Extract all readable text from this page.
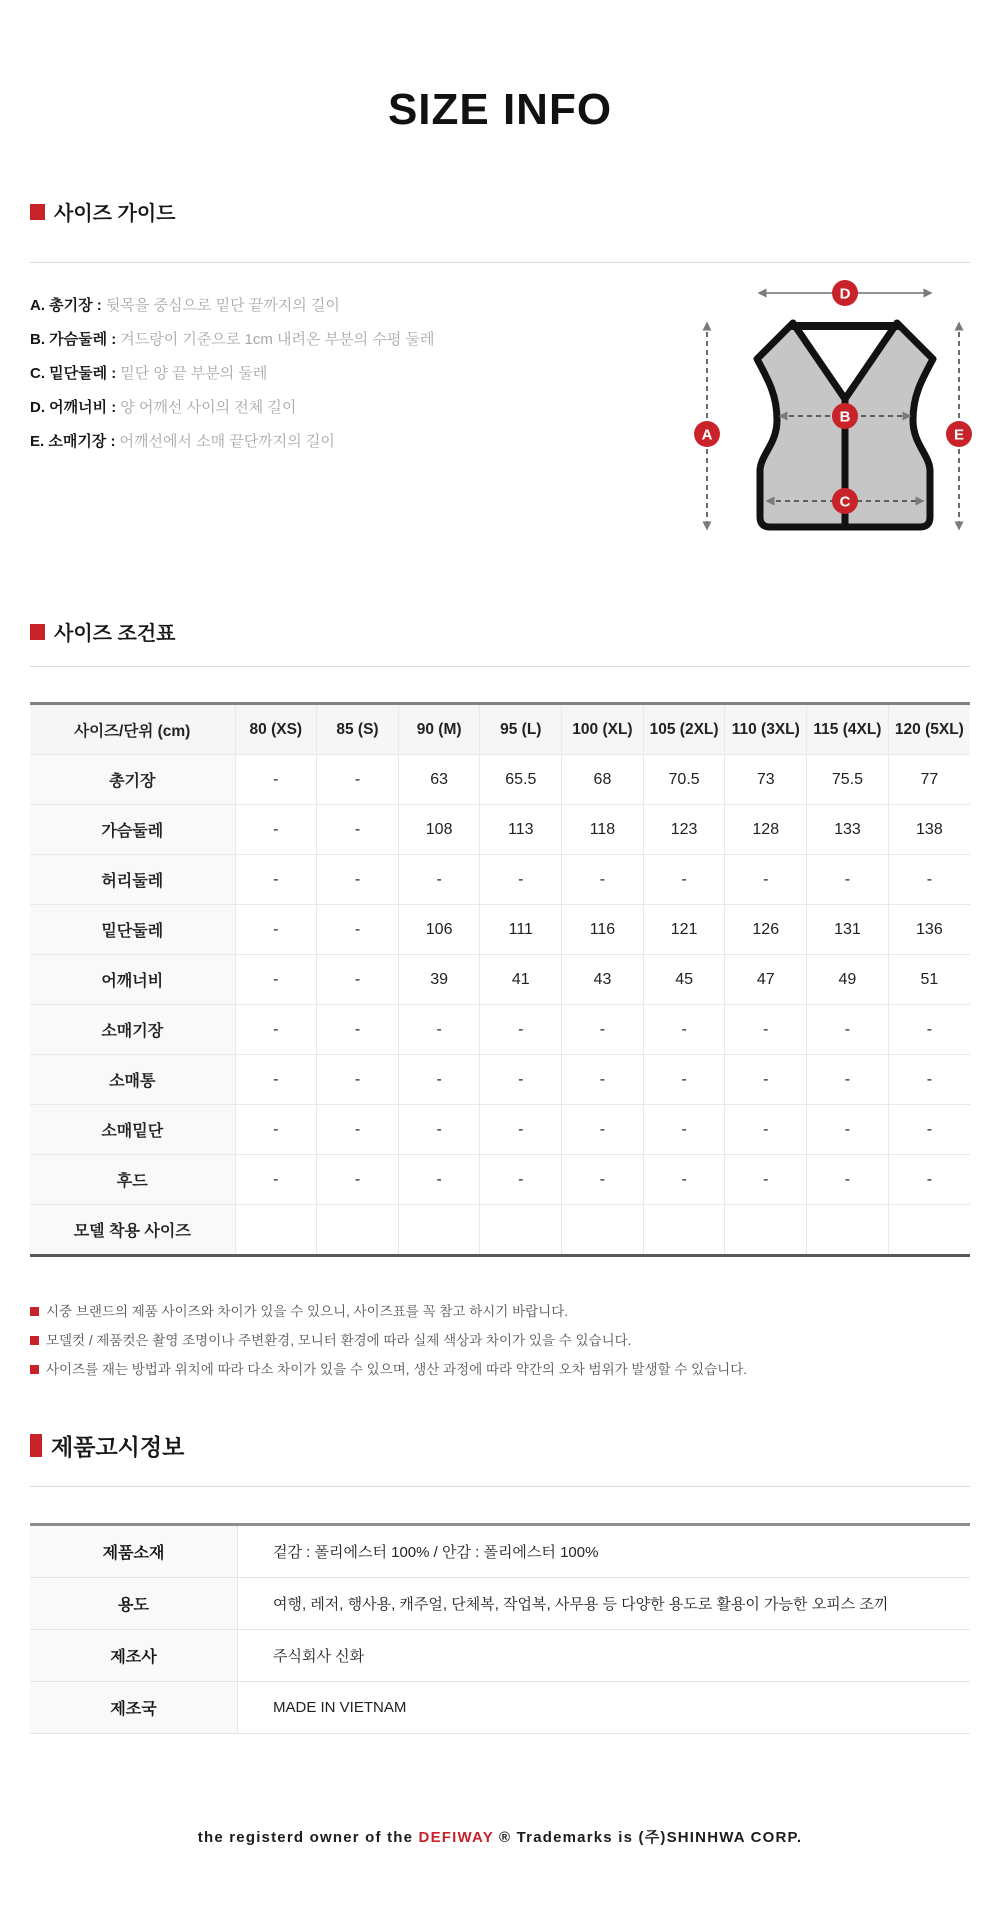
SIZE INFO
사이즈 가이드
A. 총기장 : 뒷목을 중심으로 밑단 끝까지의 길이
B. 가슴둘레 : 겨드랑이 기준으로 1cm 내려온 부분의 수평 둘레
C. 밑단둘레 : 밑단 양 끝 부분의 둘레
D. 어깨너비 : 양 어깨선 사이의 전체 길이
E. 소매기장 : 어깨선에서 소매 끝단까지의 길이
D
A	E
B
C
사이즈 조건표
사이즈/단위 (cm)	80 (XS)	85 (S)	90 (M)	95 (L)	100 (XL)	105 (2XL)	110 (3XL)	115 (4XL)	120 (5XL)
총기장	-	-	63	65.5	68	70.5	73	75.5	77
가슴둘레	-	-	108	113	118	123	128	133	138
허리둘레	-	-	-	-	-	-	-	-	-
밑단둘레	-	-	106	111	116	121	126	131	136
어깨너비	-	-	39	41	43	45	47	49	51
소매기장	-	-	-	-	-	-	-	-	-
소매통	-	-	-	-	-	-	-	-	-
소매밑단	-	-	-	-	-	-	-	-	-
후드	-	-	-	-	-	-	-	-	-
모델 착용 사이즈									
시중 브랜드의 제품 사이즈와 차이가 있을 수 있으니, 사이즈표를 꼭 참고 하시기 바랍니다.
모델컷 / 제품컷은 촬영 조명이나 주변환경, 모니터 환경에 따라 실제 색상과 차이가 있을 수 있습니다.
사이즈를 재는 방법과 위치에 따라 다소 차이가 있을 수 있으며, 생산 과정에 따라 약간의 오차 범위가 발생할 수 있습니다.
제품고시정보
제품소재	겉감 : 폴리에스터 100% / 안감 : 폴리에스터 100%
용도	여행, 레저, 행사용, 캐주얼, 단체복, 작업복, 사무용 등 다양한 용도로 활용이 가능한 오피스 조끼
제조사	주식회사 신화
제조국	MADE IN VIETNAM
the registerd owner of the DEFIWAY ® Trademarks is (주)SHINHWA CORP.
